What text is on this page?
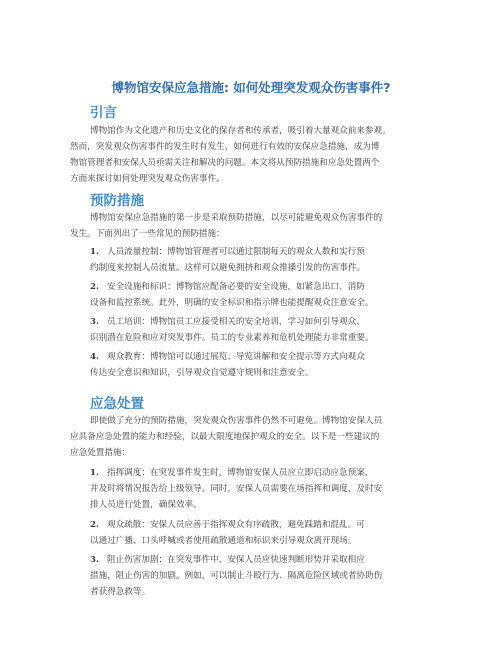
博物馆安保应急措施: 如何处理突发观众伤害事件?
引言
博物馆作为文化遗产和历史文化的保存者和传承者，吸引着大量观众前来参观。
然而，突发观众伤害事件的发生时有发生，如何进行有效的安保应急措施，成为博
物馆管理者和安保人员亟需关注和解决的问题。本文将从预防措施和应急处置两个
方面来探讨如何处理突发观众伤害事件。
预防措施
博物馆安保应急措施的第一步是采取预防措施，以尽可能避免观众伤害事件的
发生。下面列出了一些常见的预防措施：
1. 人员流量控制：博物馆管理者可以通过限制每天的观众人数和实行预
约制度来控制人员流量。这样可以避免拥挤和观众推搡引发的伤害事件。
2. 安全设施和标识：博物馆应配备必要的安全设施，如紧急出口、消防
设备和监控系统。此外，明确的安全标识和指示牌也能提醒观众注意安全。
3. 员工培训：博物馆员工应接受相关的安全培训，学习如何引导观众、
识别潜在危险和应对突发事件。员工的专业素养和危机处理能力非常重要。
4. 观众教育：博物馆可以通过展览、导览讲解和安全提示等方式向观众
传达安全意识和知识，引导观众自觉遵守规则和注意安全。
应急处置
即使做了充分的预防措施，突发观众伤害事件仍然不可避免。博物馆安保人员
应具备应急处置的能力和经验，以最大限度地保护观众的安全。以下是一些建议的
应急处置措施：
1. 指挥调度：在突发事件发生时，博物馆安保人员应立即启动应急预案，
并及时将情况报告给上级领导。同时，安保人员需要在场指挥和调度，及时安
排人员进行处置，确保效率。
2. 观众疏散：安保人员应善于指挥观众有序疏散，避免踩踏和混乱。可
以通过广播、口头呼喊或者使用疏散通道和标识来引导观众离开现场。
3. 阻止伤害加剧：在突发事件中，安保人员应快速判断形势并采取相应
措施，阻止伤害的加剧。例如，可以制止斗殴行为、隔离危险区域或者协助伤
者获得急救等。
